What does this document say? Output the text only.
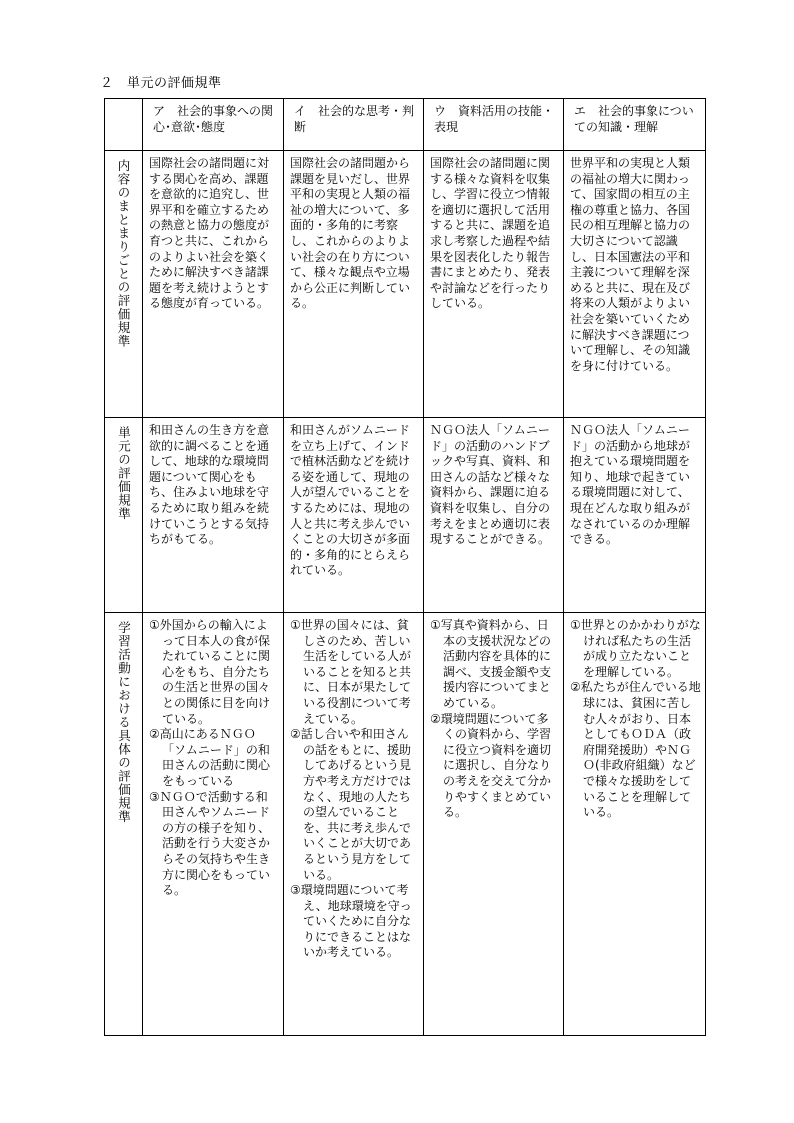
２　単元の評価規準
	ア　社会的事象への関心･意欲･態度	イ　社会的な思考・判断	ウ　資料活用の技能・表現	エ　社会的事象についての知識・理解
内容のまとまりごとの評価規準	国際社会の諸問題に対する関心を高め、課題を意欲的に追究し、世界平和を確立するための熱意と協力の態度が育つと共に、これからのよりよい社会を築くために解決すべき諸課題を考え続けようとする態度が育っている。	国際社会の諸問題から課題を見いだし、世界平和の実現と人類の福祉の増大について、多面的・多角的に考察し、これからのよりよい社会の在り方について、様々な観点や立場から公正に判断している。	国際社会の諸問題に関する様々な資料を収集し、学習に役立つ情報を適切に選択して活用すると共に、課題を追求し考察した過程や結果を図表化したり報告書にまとめたり、発表や討論などを行ったりしている。	世界平和の実現と人類の福祉の増大に関わって、国家間の相互の主権の尊重と協力、各国民の相互理解と協力の大切さについて認識し、日本国憲法の平和主義について理解を深めると共に、現在及び将来の人類がよりよい社会を築いていくために解決すべき課題について理解し、その知識を身に付けている。
単元の評価規準	和田さんの生き方を意欲的に調べることを通して、地球的な環境問題について関心をもち、住みよい地球を守るために取り組みを続けていこうとする気持ちがもてる。	和田さんがソムニードを立ち上げて、インドで植林活動などを続ける姿を通して、現地の人が望んでいることをするためには、現地の人と共に考え歩んでいくことの大切さが多面的・多角的にとらえられている。	ＮＧＯ法人「ソムニード」の活動のハンドブックや写真、資料、和田さんの話など様々な資料から、課題に迫る資料を収集し、自分の考えをまとめ適切に表現することができる。	ＮＧＯ法人「ソムニード」の活動から地球が抱えている環境問題を知り、地球で起きている環境問題に対して、現在どんな取り組みがなされているのか理解できる。
学習活動における具体の評価規準	①外国からの輸入によって日本人の食が保たれていることに関心をもち、自分たちの生活と世界の国々との関係に目を向けている。
②高山にあるＮＧＯ「ソムニード」の和田さんの活動に関心をもっている
③ＮＧＯで活動する和田さんやソムニードの方の様子を知り、活動を行う大変さからその気持ちや生き方に関心をもっている。	①世界の国々には、貧しさのため、苦しい生活をしている人がいることを知ると共に、日本が果たしている役割について考えている。
②話し合いや和田さんの話をもとに、援助してあげるという見方や考え方だけではなく、現地の人たちの望んでいることを、共に考え歩んでいくことが大切であるという見方をしている。
③環境問題について考え、地球環境を守っていくために自分なりにできることはないか考えている。	①写真や資料から、日本の支援状況などの活動内容を具体的に調べ、支援金額や支援内容についてまとめている。
②環境問題について多くの資料から、学習に役立つ資料を適切に選択し、自分なりの考えを交えて分かりやすくまとめている。	①世界とのかかわりがなければ私たちの生活が成り立たないことを理解している。
②私たちが住んでいる地球には、貧困に苦しむ人々がおり、日本としてもＯＤＡ（政府開発援助）やＮＧＯ(非政府組織）などで様々な援助をしていることを理解している。
